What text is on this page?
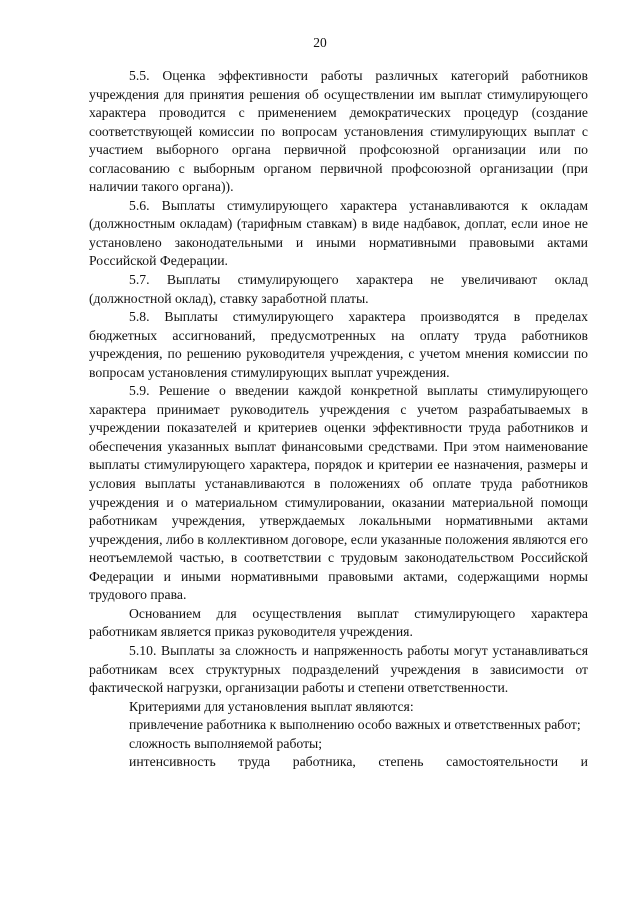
20

5.5. Оценка эффективности работы различных категорий работников учреждения для принятия решения об осуществлении им выплат стимулирующего характера проводится с применением демократических процедур (создание соответствующей комиссии по вопросам установления стимулирующих выплат с участием выборного органа первичной профсоюзной организации или по согласованию с выборным органом первичной профсоюзной организации (при наличии такого органа)).

5.6. Выплаты стимулирующего характера устанавливаются к окладам (должностным окладам) (тарифным ставкам) в виде надбавок, доплат, если иное не установлено законодательными и иными нормативными правовыми актами Российской Федерации.

5.7. Выплаты стимулирующего характера не увеличивают оклад (должностной оклад), ставку заработной платы.

5.8. Выплаты стимулирующего характера производятся в пределах бюджетных ассигнований, предусмотренных на оплату труда работников учреждения, по решению руководителя учреждения, с учетом мнения комиссии по вопросам установления стимулирующих выплат учреждения.

5.9. Решение о введении каждой конкретной выплаты стимулирующего характера принимает руководитель учреждения с учетом разрабатываемых в учреждении показателей и критериев оценки эффективности труда работников и обеспечения указанных выплат финансовыми средствами. При этом наименование выплаты стимулирующего характера, порядок и критерии ее назначения, размеры и условия выплаты устанавливаются в положениях об оплате труда работников учреждения и о материальном стимулировании, оказании материальной помощи работникам учреждения, утверждаемых локальными нормативными актами учреждения, либо в коллективном договоре, если указанные положения являются его неотъемлемой частью, в соответствии с трудовым законодательством Российской Федерации и иными нормативными правовыми актами, содержащими нормы трудового права.

Основанием для осуществления выплат стимулирующего характера работникам является приказ руководителя учреждения.

5.10. Выплаты за сложность и напряженность работы могут устанавливаться работникам всех структурных подразделений учреждения в зависимости от фактической нагрузки, организации работы и степени ответственности.

Критериями для установления выплат являются:

привлечение работника к выполнению особо важных и ответственных работ;

сложность выполняемой работы;

интенсивность труда работника, степень самостоятельности и
